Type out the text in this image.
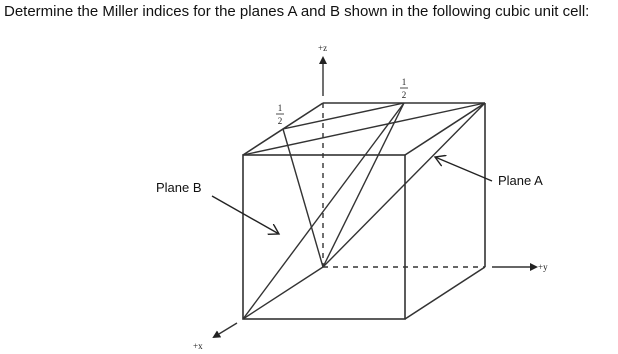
Determine the Miller indices for the planes A and B shown in the following cubic unit cell:
1
2
1
2
+z
+y
+x
Plane B	Plane A
